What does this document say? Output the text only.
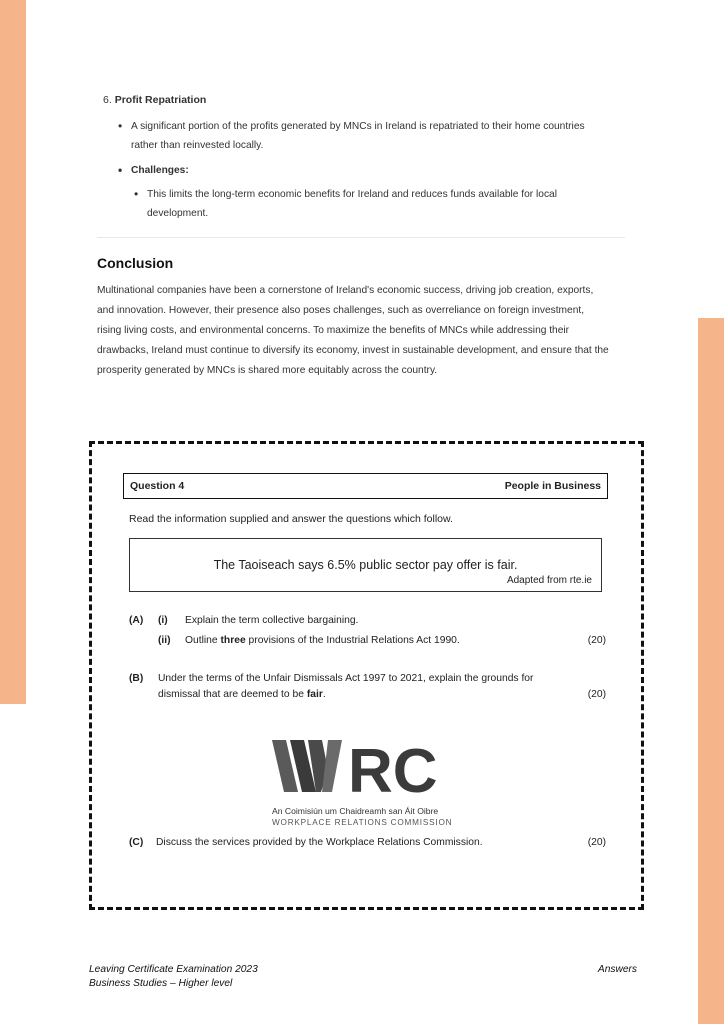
6. Profit Repatriation
• A significant portion of the profits generated by MNCs in Ireland is repatriated to their home countries rather than reinvested locally.
• Challenges:
• This limits the long-term economic benefits for Ireland and reduces funds available for local development.
Conclusion
Multinational companies have been a cornerstone of Ireland's economic success, driving job creation, exports, and innovation. However, their presence also poses challenges, such as overreliance on foreign investment, rising living costs, and environmental concerns. To maximize the benefits of MNCs while addressing their drawbacks, Ireland must continue to diversify its economy, invest in sustainable development, and ensure that the prosperity generated by MNCs is shared more equitably across the country.
Question 4	People in Business
Read the information supplied and answer the questions which follow.
The Taoiseach says 6.5% public sector pay offer is fair.
Adapted from rte.ie
(A) (i) Explain the term collective bargaining.
(ii) Outline three provisions of the Industrial Relations Act 1990.	(20)
(B) Under the terms of the Unfair Dismissals Act 1997 to 2021, explain the grounds for
dismissal that are deemed to be fair.	(20)
RC
An Coimisiún um Chaidreamh san Áit Oibre
WORKPLACE RELATIONS COMMISSION
(C) Discuss the services provided by the Workplace Relations Commission.	(20)
Leaving Certificate Examination 2023
Business Studies – Higher level
Answers
